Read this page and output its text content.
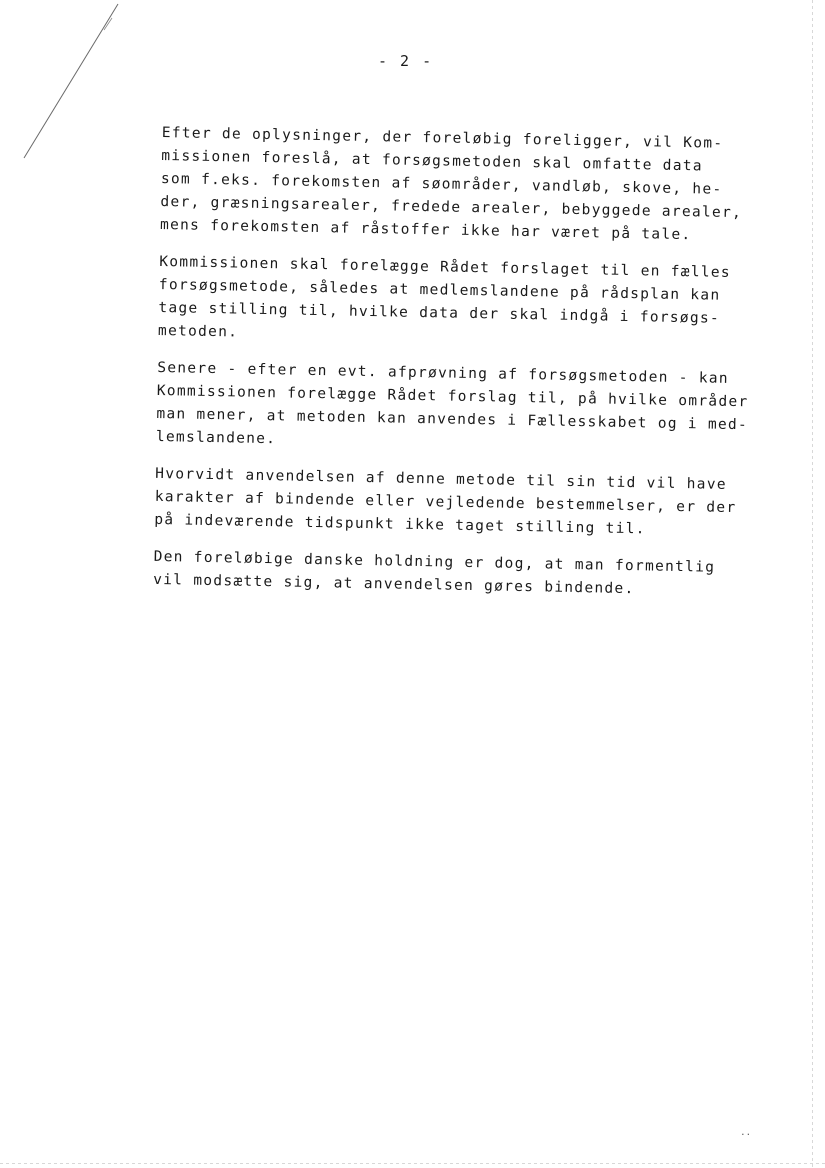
- 2 -
Efter de oplysninger, der foreløbig foreligger, vil Kom-
missionen foreslå, at forsøgsmetoden skal omfatte data
som f.eks. forekomsten af søområder, vandløb, skove, he-
der, græsningsarealer, fredede arealer, bebyggede arealer,
mens forekomsten af råstoffer ikke har været på tale.
Kommissionen skal forelægge Rådet forslaget til en fælles
forsøgsmetode, således at medlemslandene på rådsplan kan
tage stilling til, hvilke data der skal indgå i forsøgs-
metoden.
Senere - efter en evt. afprøvning af forsøgsmetoden - kan
Kommissionen forelægge Rådet forslag til, på hvilke områder
man mener, at metoden kan anvendes i Fællesskabet og i med-
lemslandene.
Hvorvidt anvendelsen af denne metode til sin tid vil have
karakter af bindende eller vejledende bestemmelser, er der
på indeværende tidspunkt ikke taget stilling til.
Den foreløbige danske holdning er dog, at man formentlig
vil modsætte sig, at anvendelsen gøres bindende.
..
